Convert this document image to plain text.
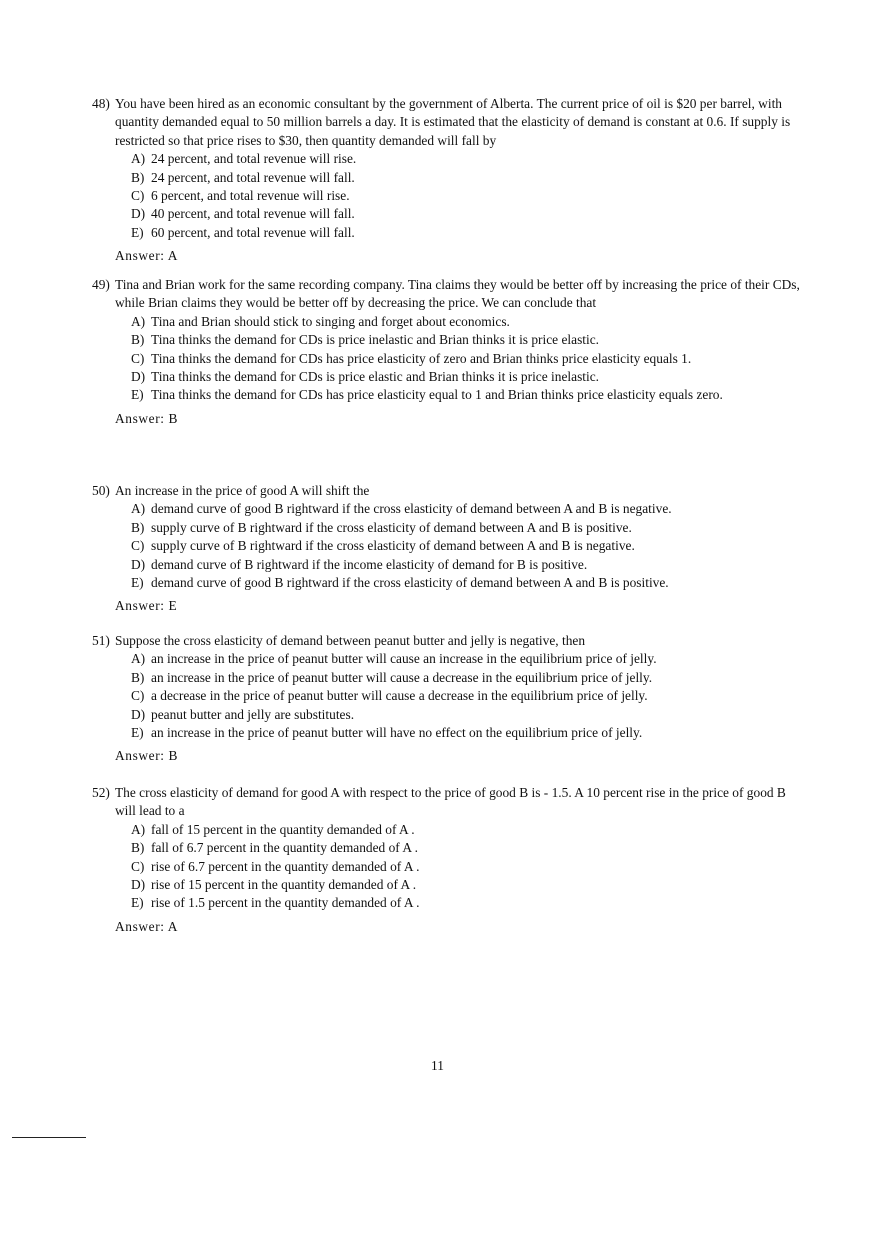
48) You have been hired as an economic consultant by the government of Alberta. The current price of oil is $20 per barrel, with quantity demanded equal to 50 million barrels a day. It is estimated that the elasticity of demand is constant at 0.6. If supply is restricted so that price rises to $30, then quantity demanded will fall by
A) 24 percent, and total revenue will rise.
B) 24 percent, and total revenue will fall.
C) 6 percent, and total revenue will rise.
D) 40 percent, and total revenue will fall.
E) 60 percent, and total revenue will fall.
Answer: A
49) Tina and Brian work for the same recording company. Tina claims they would be better off by increasing the price of their CDs, while Brian claims they would be better off by decreasing the price. We can conclude that
A) Tina and Brian should stick to singing and forget about economics.
B) Tina thinks the demand for CDs is price inelastic and Brian thinks it is price elastic.
C) Tina thinks the demand for CDs has price elasticity of zero and Brian thinks price elasticity equals 1.
D) Tina thinks the demand for CDs is price elastic and Brian thinks it is price inelastic.
E) Tina thinks the demand for CDs has price elasticity equal to 1 and Brian thinks price elasticity equals zero.
Answer: B
50) An increase in the price of good A will shift the
A) demand curve of good B rightward if the cross elasticity of demand between A and B is negative.
B) supply curve of B rightward if the cross elasticity of demand between A and B is positive.
C) supply curve of B rightward if the cross elasticity of demand between A and B is negative.
D) demand curve of B rightward if the income elasticity of demand for B is positive.
E) demand curve of good B rightward if the cross elasticity of demand between A and B is positive.
Answer: E
51) Suppose the cross elasticity of demand between peanut butter and jelly is negative, then
A) an increase in the price of peanut butter will cause an increase in the equilibrium price of jelly.
B) an increase in the price of peanut butter will cause a decrease in the equilibrium price of jelly.
C) a decrease in the price of peanut butter will cause a decrease in the equilibrium price of jelly.
D) peanut butter and jelly are substitutes.
E) an increase in the price of peanut butter will have no effect on the equilibrium price of jelly.
Answer: B
52) The cross elasticity of demand for good A with respect to the price of good B is - 1.5. A 10 percent rise in the price of good B will lead to a
A) fall of 15 percent in the quantity demanded of A .
B) fall of 6.7 percent in the quantity demanded of A .
C) rise of 6.7 percent in the quantity demanded of A .
D) rise of 15 percent in the quantity demanded of A .
E) rise of 1.5 percent in the quantity demanded of A .
Answer: A
11
